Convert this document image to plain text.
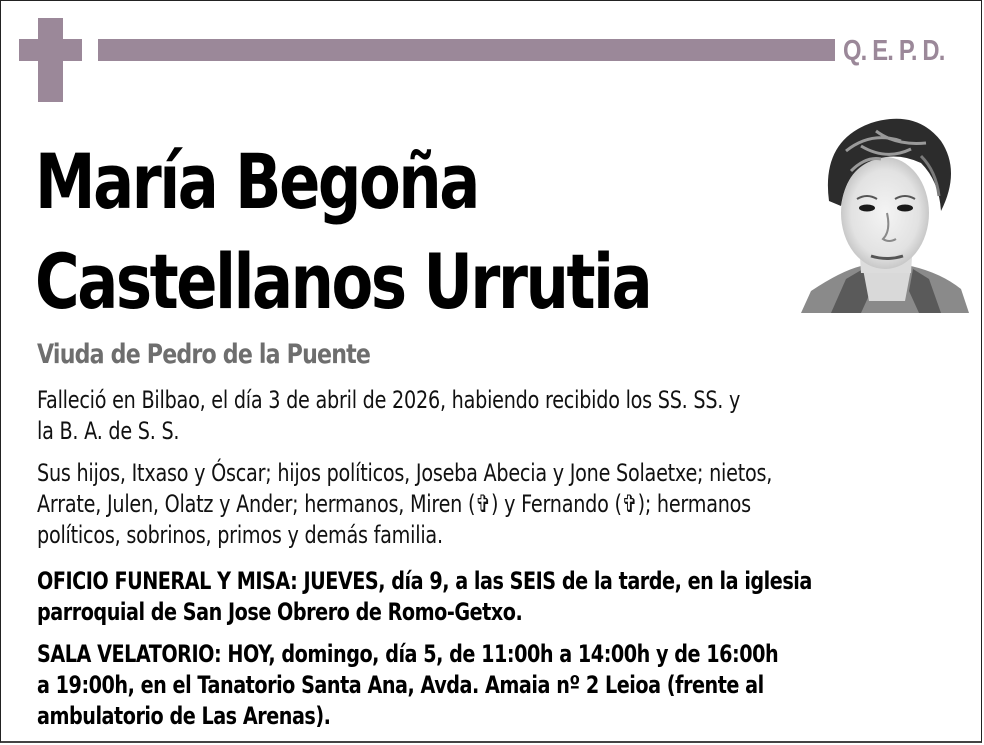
Q. E. P. D.
María Begoña
Castellanos Urrutia
Viuda de Pedro de la Puente
Falleció en Bilbao, el día 3 de abril de 2026, habiendo recibido los SS. SS. y
la B. A. de S. S.
Sus hijos, Itxaso y Óscar; hijos políticos, Joseba Abecia y Jone Solaetxe; nietos,
Arrate, Julen, Olatz y Ander; hermanos, Miren (✞) y Fernando (✞); hermanos
políticos, sobrinos, primos y demás familia.
OFICIO FUNERAL Y MISA: JUEVES, día 9, a las SEIS de la tarde, en la iglesia
parroquial de San Jose Obrero de Romo-Getxo.
SALA VELATORIO: HOY, domingo, día 5, de 11:00h a 14:00h y de 16:00h
a 19:00h, en el Tanatorio Santa Ana, Avda. Amaia nº 2 Leioa (frente al
ambulatorio de Las Arenas).
